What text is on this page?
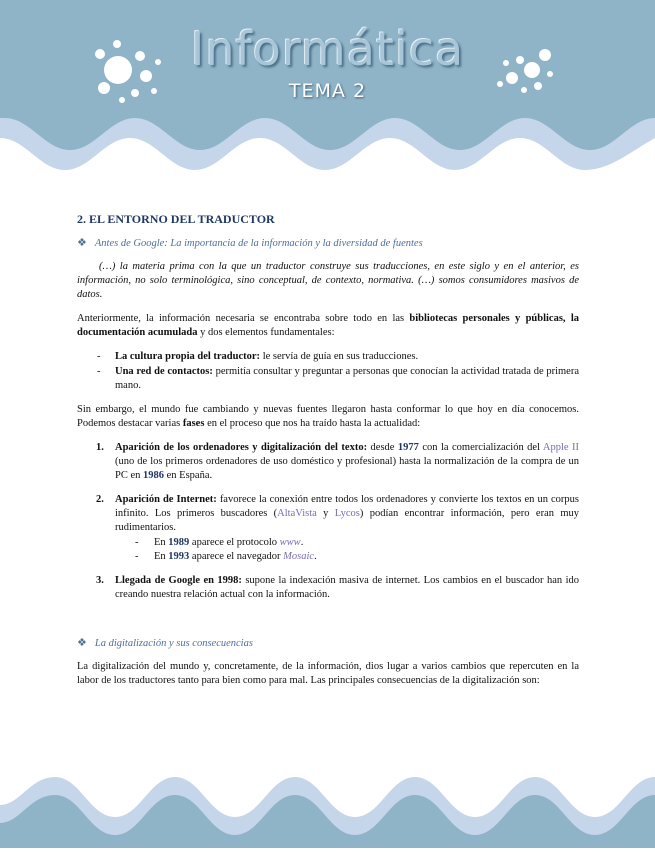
Informática
TEMA 2
2. EL ENTORNO DEL TRADUCTOR
❖ Antes de Google: La importancia de la información y la diversidad de fuentes
(…) la materia prima con la que un traductor construye sus traducciones, en este siglo y en el anterior, es información, no solo terminológica, sino conceptual, de contexto, normativa. (…) somos consumidores masivos de datos.

Anteriormente, la información necesaria se encontraba sobre todo en las bibliotecas personales y públicas, la documentación acumulada y dos elementos fundamentales:

- La cultura propia del traductor: le servía de guía en sus traducciones.
- Una red de contactos: permitía consultar y preguntar a personas que conocían la actividad tratada de primera mano.

Sin embargo, el mundo fue cambiando y nuevas fuentes llegaron hasta conformar lo que hoy en día conocemos. Podemos destacar varias fases en el proceso que nos ha traído hasta la actualidad:

1. Aparición de los ordenadores y digitalización del texto: desde 1977 con la comercialización del Apple II (uno de los primeros ordenadores de uso doméstico y profesional) hasta la normalización de la compra de un PC en 1986 en España.
2. Aparición de Internet: favorece la conexión entre todos los ordenadores y convierte los textos en un corpus infinito. Los primeros buscadores (AltaVista y Lycos) podían encontrar información, pero eran muy rudimentarios.
- En 1989 aparece el protocolo www.
- En 1993 aparece el navegador Mosaic.
3. Llegada de Google en 1998: supone la indexación masiva de internet. Los cambios en el buscador han ido creando nuestra relación actual con la información.
❖ La digitalización y sus consecuencias

La digitalización del mundo y, concretamente, de la información, dios lugar a varios cambios que repercuten en la labor de los traductores tanto para bien como para mal. Las principales consecuencias de la digitalización son:
